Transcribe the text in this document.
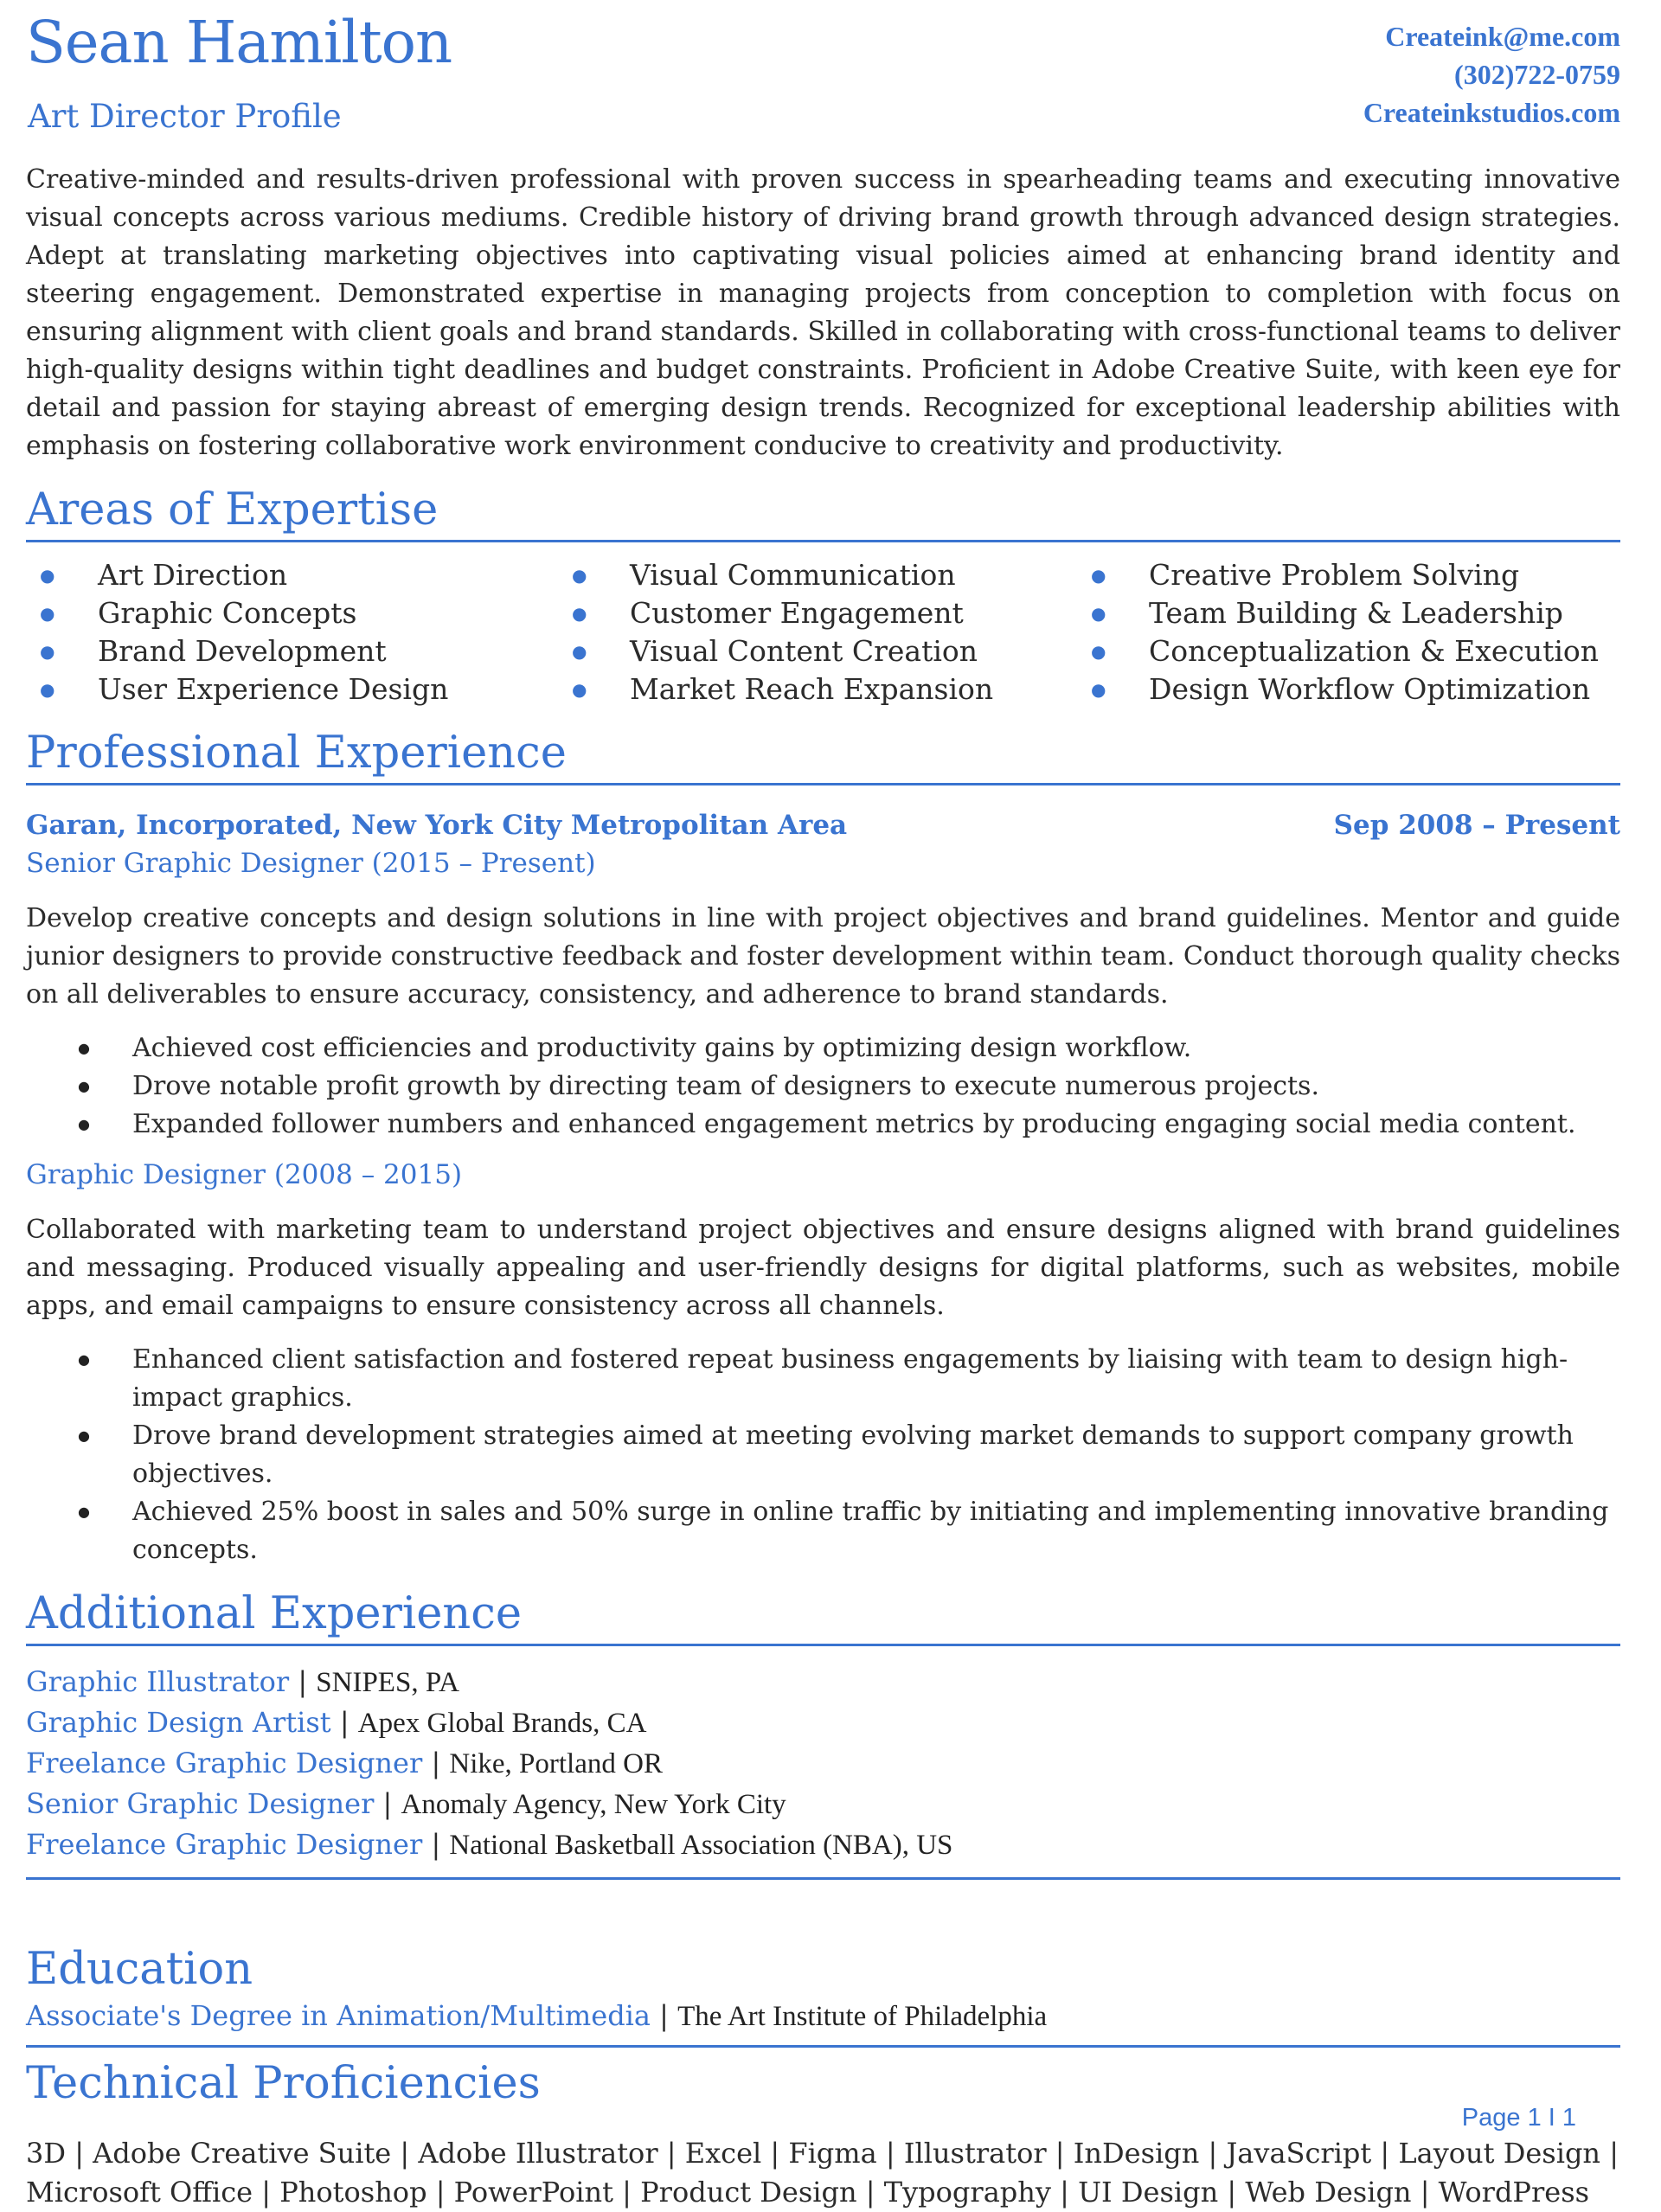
Sean Hamilton
Art Director Profile
Createink@me.com
(302)722-0759
Createinkstudios.com
Creative-minded and results-driven professional with proven success in spearheading teams and executing innovative visual concepts across various mediums. Credible history of driving brand growth through advanced design strategies. Adept at translating marketing objectives into captivating visual policies aimed at enhancing brand identity and steering engagement. Demonstrated expertise in managing projects from conception to completion with focus on ensuring alignment with client goals and brand standards. Skilled in collaborating with cross-functional teams to deliver high-quality designs within tight deadlines and budget constraints. Proficient in Adobe Creative Suite, with keen eye for detail and passion for staying abreast of emerging design trends. Recognized for exceptional leadership abilities with emphasis on fostering collaborative work environment conducive to creativity and productivity.
Areas of Expertise
● Art Direction
● Graphic Concepts
● Brand Development
● User Experience Design
● Visual Communication
● Customer Engagement
● Visual Content Creation
● Market Reach Expansion
● Creative Problem Solving
● Team Building & Leadership
● Conceptualization & Execution
● Design Workflow Optimization
Professional Experience
Garan, Incorporated, New York City Metropolitan Area	Sep 2008 – Present
Senior Graphic Designer (2015 – Present)
Develop creative concepts and design solutions in line with project objectives and brand guidelines. Mentor and guide junior designers to provide constructive feedback and foster development within team. Conduct thorough quality checks on all deliverables to ensure accuracy, consistency, and adherence to brand standards.
● Achieved cost efficiencies and productivity gains by optimizing design workflow.
● Drove notable profit growth by directing team of designers to execute numerous projects.
● Expanded follower numbers and enhanced engagement metrics by producing engaging social media content.
Graphic Designer (2008 – 2015)
Collaborated with marketing team to understand project objectives and ensure designs aligned with brand guidelines and messaging. Produced visually appealing and user-friendly designs for digital platforms, such as websites, mobile apps, and email campaigns to ensure consistency across all channels.
● Enhanced client satisfaction and fostered repeat business engagements by liaising with team to design high-impact graphics.
● Drove brand development strategies aimed at meeting evolving market demands to support company growth objectives.
● Achieved 25% boost in sales and 50% surge in online traffic by initiating and implementing innovative branding concepts.
Additional Experience
Graphic Illustrator | SNIPES, PA
Graphic Design Artist | Apex Global Brands, CA
Freelance Graphic Designer | Nike, Portland OR
Senior Graphic Designer | Anomaly Agency, New York City
Freelance Graphic Designer | National Basketball Association (NBA), US
Education
Associate's Degree in Animation/Multimedia | The Art Institute of Philadelphia
Technical Proficiencies
3D | Adobe Creative Suite | Adobe Illustrator | Excel | Figma | Illustrator | InDesign | JavaScript | Layout Design | Microsoft Office | Photoshop | PowerPoint | Product Design | Typography | UI Design | Web Design | WordPress
Page 1 I 1
